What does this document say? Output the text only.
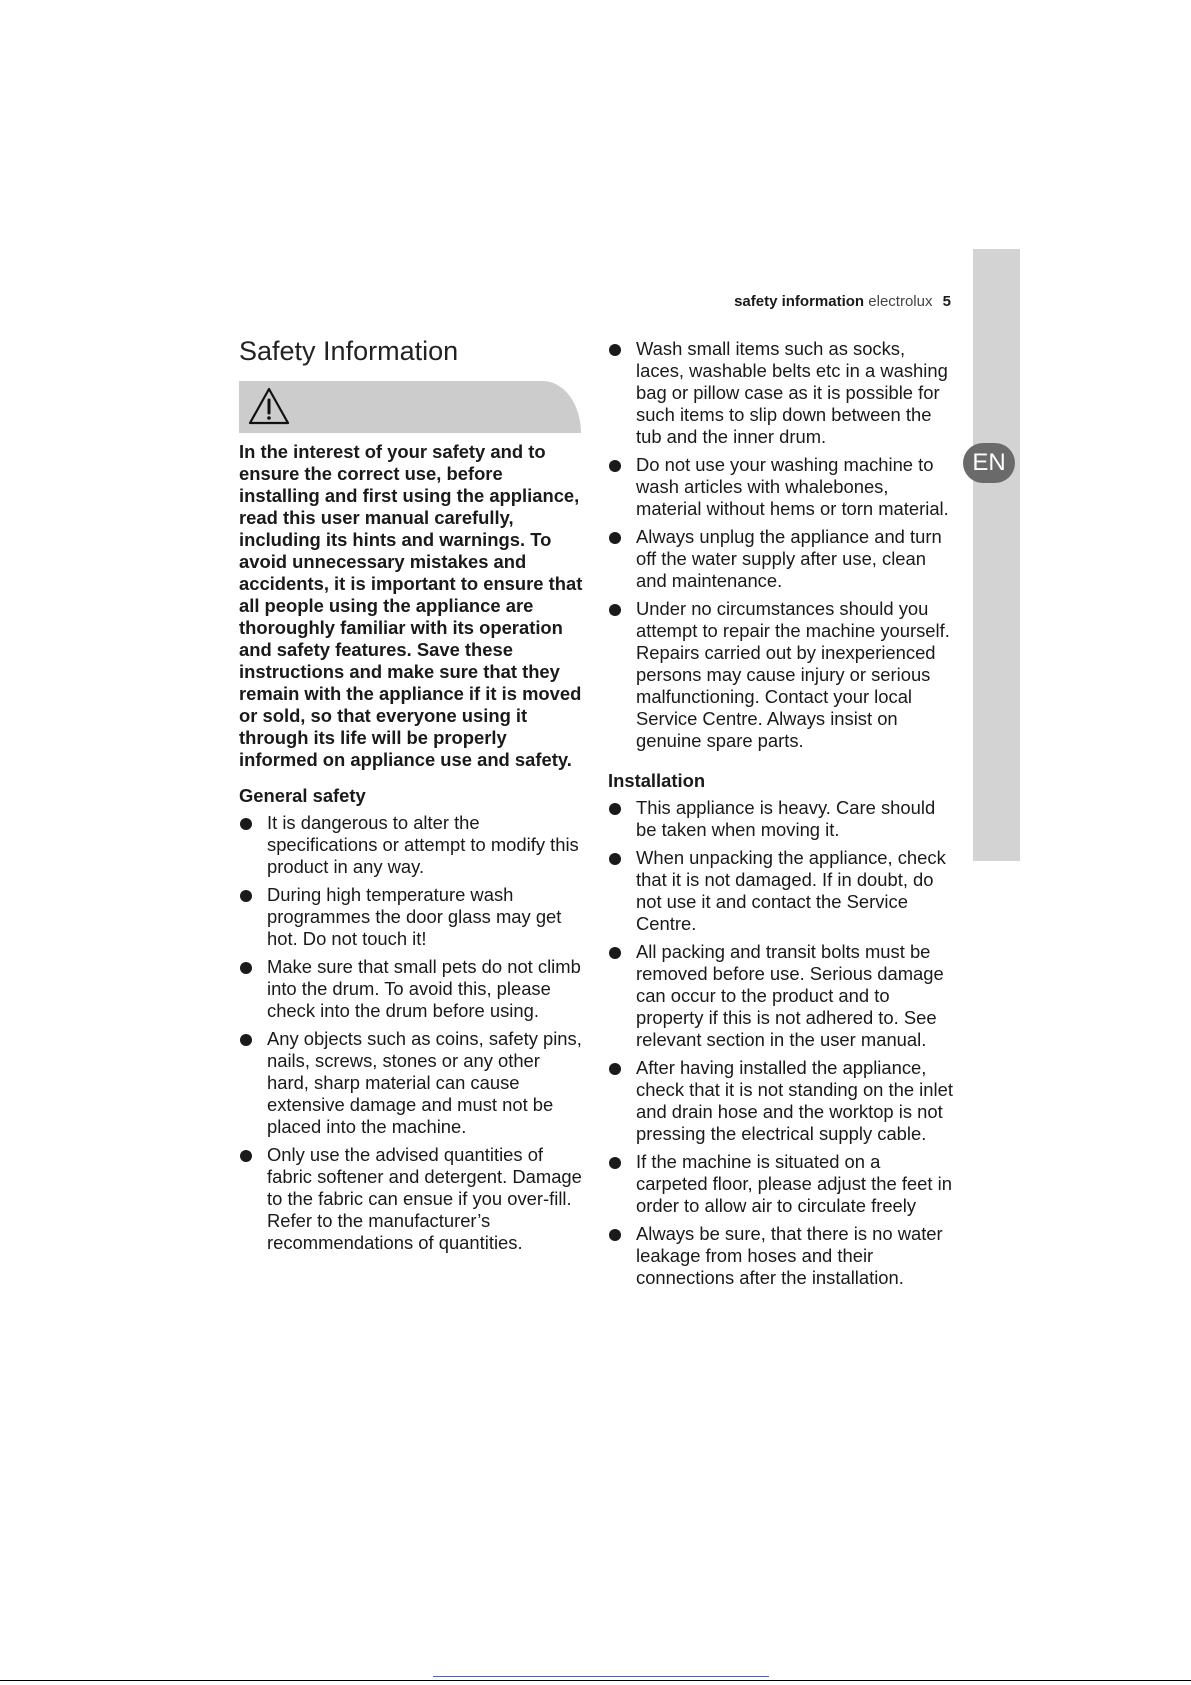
safety information electrolux 5
EN
Safety Information

In the interest of your safety and to ensure the correct use, before installing and first using the appliance, read this user manual carefully, including its hints and warnings. To avoid unnecessary mistakes and accidents, it is important to ensure that all people using the appliance are thoroughly familiar with its operation and safety features. Save these instructions and make sure that they remain with the appliance if it is moved or sold, so that everyone using it through its life will be properly informed on appliance use and safety.

General safety
It is dangerous to alter the specifications or attempt to modify this product in any way.
During high temperature wash programmes the door glass may get hot. Do not touch it!
Make sure that small pets do not climb into the drum. To avoid this, please check into the drum before using.
Any objects such as coins, safety pins, nails, screws, stones or any other hard, sharp material can cause extensive damage and must not be placed into the machine.
Only use the advised quantities of fabric softener and detergent. Damage to the fabric can ensue if you over-fill. Refer to the manufacturer’s recommendations of quantities.
Wash small items such as socks, laces, washable belts etc in a washing bag or pillow case as it is possible for such items to slip down between the tub and the inner drum.
Do not use your washing machine to wash articles with whalebones, material without hems or torn material.
Always unplug the appliance and turn off the water supply after use, clean and maintenance.
Under no circumstances should you attempt to repair the machine yourself. Repairs carried out by inexperienced persons may cause injury or serious malfunctioning. Contact your local Service Centre. Always insist on genuine spare parts.
Installation
This appliance is heavy. Care should be taken when moving it.
When unpacking the appliance, check that it is not damaged. If in doubt, do not use it and contact the Service Centre.
All packing and transit bolts must be removed before use. Serious damage can occur to the product and to property if this is not adhered to. See relevant section in the user manual.
After having installed the appliance, check that it is not standing on the inlet and drain hose and the worktop is not pressing the electrical supply cable.
If the machine is situated on a carpeted floor, please adjust the feet in order to allow air to circulate freely
Always be sure, that there is no water leakage from hoses and their connections after the installation.
